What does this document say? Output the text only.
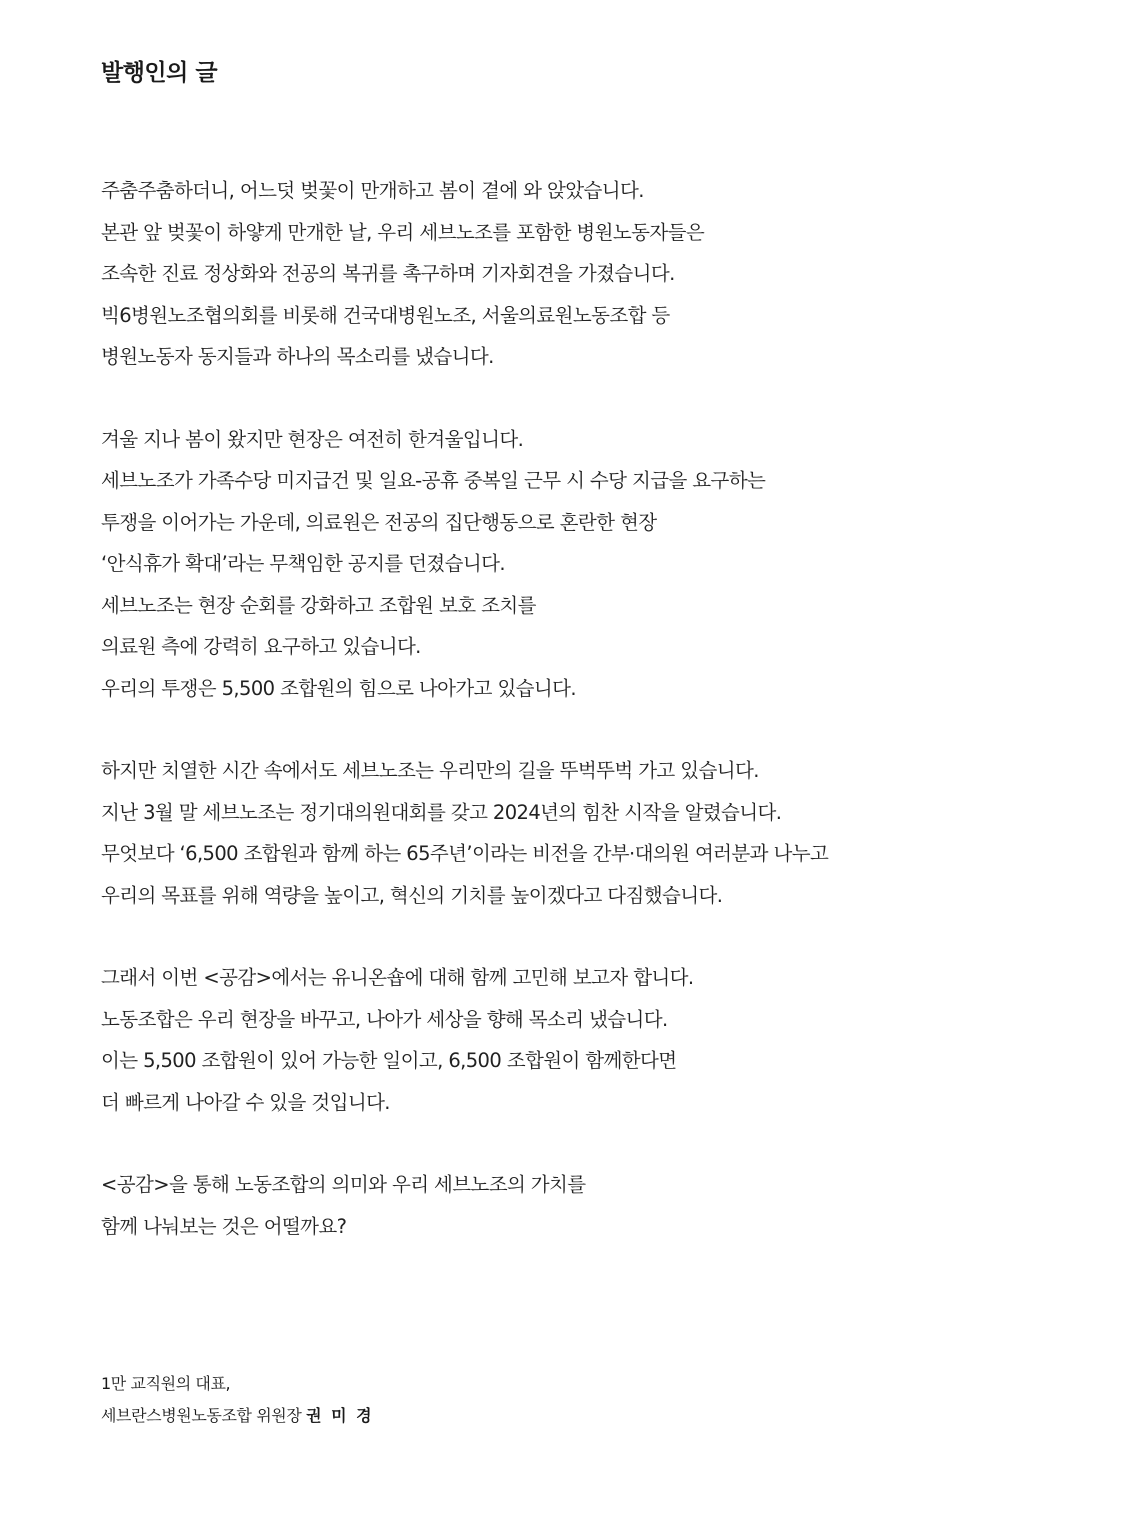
발행인의 글
주춤주춤하더니, 어느덧 벚꽃이 만개하고 봄이 곁에 와 앉았습니다.
본관 앞 벚꽃이 하얗게 만개한 날, 우리 세브노조를 포함한 병원노동자들은
조속한 진료 정상화와 전공의 복귀를 촉구하며 기자회견을 가졌습니다.
빅6병원노조협의회를 비롯해 건국대병원노조, 서울의료원노동조합 등
병원노동자 동지들과 하나의 목소리를 냈습니다.
겨울 지나 봄이 왔지만 현장은 여전히 한겨울입니다.
세브노조가 가족수당 미지급건 및 일요-공휴 중복일 근무 시 수당 지급을 요구하는
투쟁을 이어가는 가운데, 의료원은 전공의 집단행동으로 혼란한 현장
‘안식휴가 확대’라는 무책임한 공지를 던졌습니다.
세브노조는 현장 순회를 강화하고 조합원 보호 조치를
의료원 측에 강력히 요구하고 있습니다.
우리의 투쟁은 5,500 조합원의 힘으로 나아가고 있습니다.
하지만 치열한 시간 속에서도 세브노조는 우리만의 길을 뚜벅뚜벅 가고 있습니다.
지난 3월 말 세브노조는 정기대의원대회를 갖고 2024년의 힘찬 시작을 알렸습니다.
무엇보다 ‘6,500 조합원과 함께 하는 65주년’이라는 비전을 간부·대의원 여러분과 나누고
우리의 목표를 위해 역량을 높이고, 혁신의 기치를 높이겠다고 다짐했습니다.
그래서 이번 <공감>에서는 유니온숍에 대해 함께 고민해 보고자 합니다.
노동조합은 우리 현장을 바꾸고, 나아가 세상을 향해 목소리 냈습니다.
이는 5,500 조합원이 있어 가능한 일이고, 6,500 조합원이 함께한다면
더 빠르게 나아갈 수 있을 것입니다.
<공감>을 통해 노동조합의 의미와 우리 세브노조의 가치를
함께 나눠보는 것은 어떨까요?
1만 교직원의 대표,
세브란스병원노동조합 위원장 권 미 경
